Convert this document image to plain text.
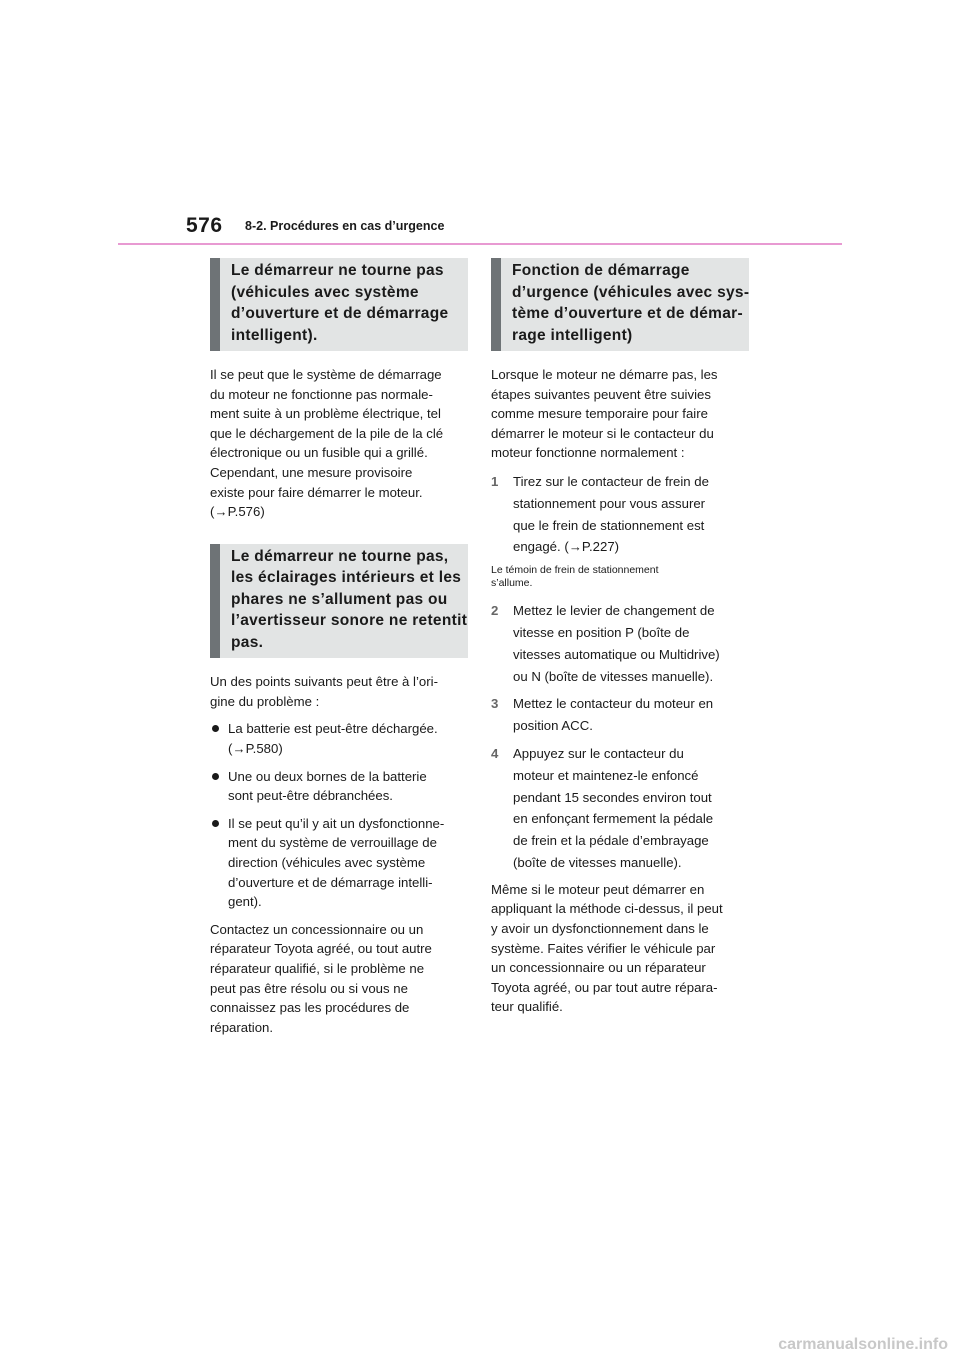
576 8-2. Procédures en cas d’urgence
Le démarreur ne tourne pas
(véhicules avec système
d’ouverture et de démarrage
intelligent).
Il se peut que le système de démarrage
du moteur ne fonctionne pas normale-
ment suite à un problème électrique, tel
que le déchargement de la pile de la clé
électronique ou un fusible qui a grillé.
Cependant, une mesure provisoire
existe pour faire démarrer le moteur.
(→P.576)
Le démarreur ne tourne pas,
les éclairages intérieurs et les
phares ne s’allument pas ou
l’avertisseur sonore ne retentit
pas.
Un des points suivants peut être à l’ori-
gine du problème :
La batterie est peut-être déchargée.
(→P.580)
Une ou deux bornes de la batterie
sont peut-être débranchées.
Il se peut qu’il y ait un dysfonctionne-
ment du système de verrouillage de
direction (véhicules avec système
d’ouverture et de démarrage intelli-
gent).
Contactez un concessionnaire ou un
réparateur Toyota agréé, ou tout autre
réparateur qualifié, si le problème ne
peut pas être résolu ou si vous ne
connaissez pas les procédures de
réparation.
Fonction de démarrage
d’urgence (véhicules avec sys-
tème d’ouverture et de démar-
rage intelligent)
Lorsque le moteur ne démarre pas, les
étapes suivantes peuvent être suivies
comme mesure temporaire pour faire
démarrer le moteur si le contacteur du
moteur fonctionne normalement :
1 Tirez sur le contacteur de frein de
stationnement pour vous assurer
que le frein de stationnement est
engagé. (→P.227)
Le témoin de frein de stationnement
s’allume.
2 Mettez le levier de changement de
vitesse en position P (boîte de
vitesses automatique ou Multidrive)
ou N (boîte de vitesses manuelle).
3 Mettez le contacteur du moteur en
position ACC.
4 Appuyez sur le contacteur du
moteur et maintenez-le enfoncé
pendant 15 secondes environ tout
en enfonçant fermement la pédale
de frein et la pédale d’embrayage
(boîte de vitesses manuelle).
Même si le moteur peut démarrer en
appliquant la méthode ci-dessus, il peut
y avoir un dysfonctionnement dans le
système. Faites vérifier le véhicule par
un concessionnaire ou un réparateur
Toyota agréé, ou par tout autre répara-
teur qualifié.
carmanualsonline.info
